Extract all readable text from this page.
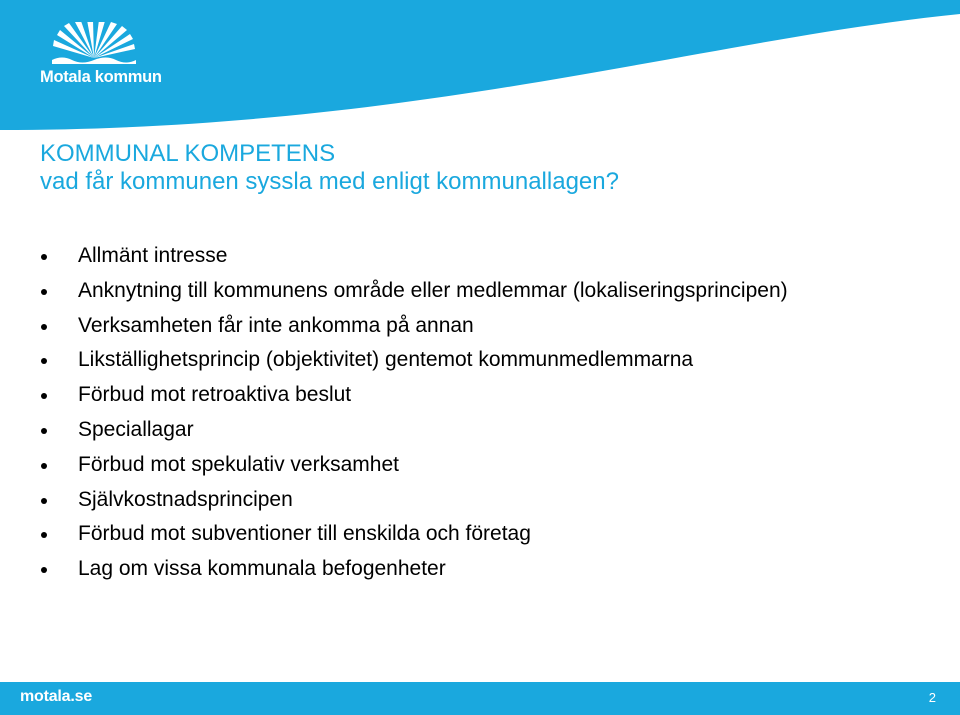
Motala kommun
KOMMUNAL KOMPETENS
vad får kommunen syssla med enligt kommunallagen?
Allmänt intresse
Anknytning till kommunens område eller medlemmar (lokaliseringsprincipen)
Verksamheten får inte ankomma på annan
Likställighetsprincip (objektivitet) gentemot kommunmedlemmarna
Förbud mot retroaktiva beslut
Speciallagar
Förbud mot spekulativ verksamhet
Självkostnadsprincipen
Förbud mot subventioner till enskilda och företag
Lag om vissa kommunala befogenheter
motala.se	2
